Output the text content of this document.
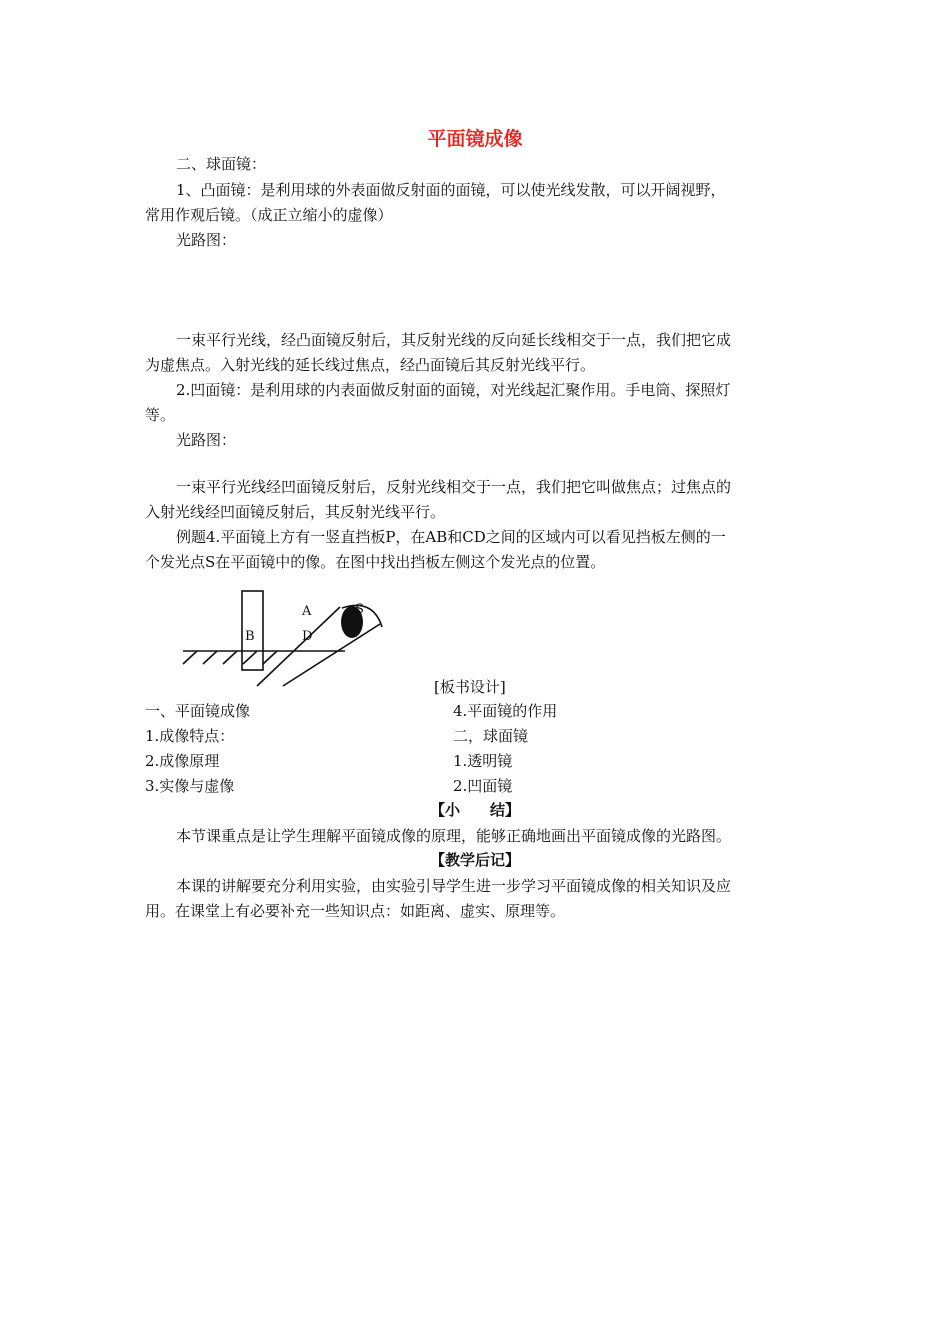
平面镜成像
二、球面镜：
1、凸面镜：是利用球的外表面做反射面的面镜，可以使光线发散，可以开阔视野，
常用作观后镜。（成正立缩小的虚像）
光路图：
一束平行光线，经凸面镜反射后，其反射光线的反向延长线相交于一点，我们把它成
为虚焦点。入射光线的延长线过焦点，经凸面镜后其反射光线平行。
2.凹面镜：是利用球的内表面做反射面的面镜，对光线起汇聚作用。手电筒、探照灯
等。
光路图：
一束平行光线经凹面镜反射后，反射光线相交于一点，我们把它叫做焦点；过焦点的
入射光线经凹面镜反射后，其反射光线平行。
例题4.平面镜上方有一竖直挡板P，在AB和CD之间的区域内可以看见挡板左侧的一
个发光点S在平面镜中的像。在图中找出挡板左侧这个发光点的位置。
A
B	D
S
[板书设计]
一、平面镜成像
1.成像特点：
2.成像原理
3.实像与虚像
4.平面镜的作用
二，球面镜
1.透明镜
2.凹面镜
【小　　结】
本节课重点是让学生理解平面镜成像的原理，能够正确地画出平面镜成像的光路图。
【教学后记】
本课的讲解要充分利用实验，由实验引导学生进一步学习平面镜成像的相关知识及应
用。在课堂上有必要补充一些知识点：如距离、虚实、原理等。
